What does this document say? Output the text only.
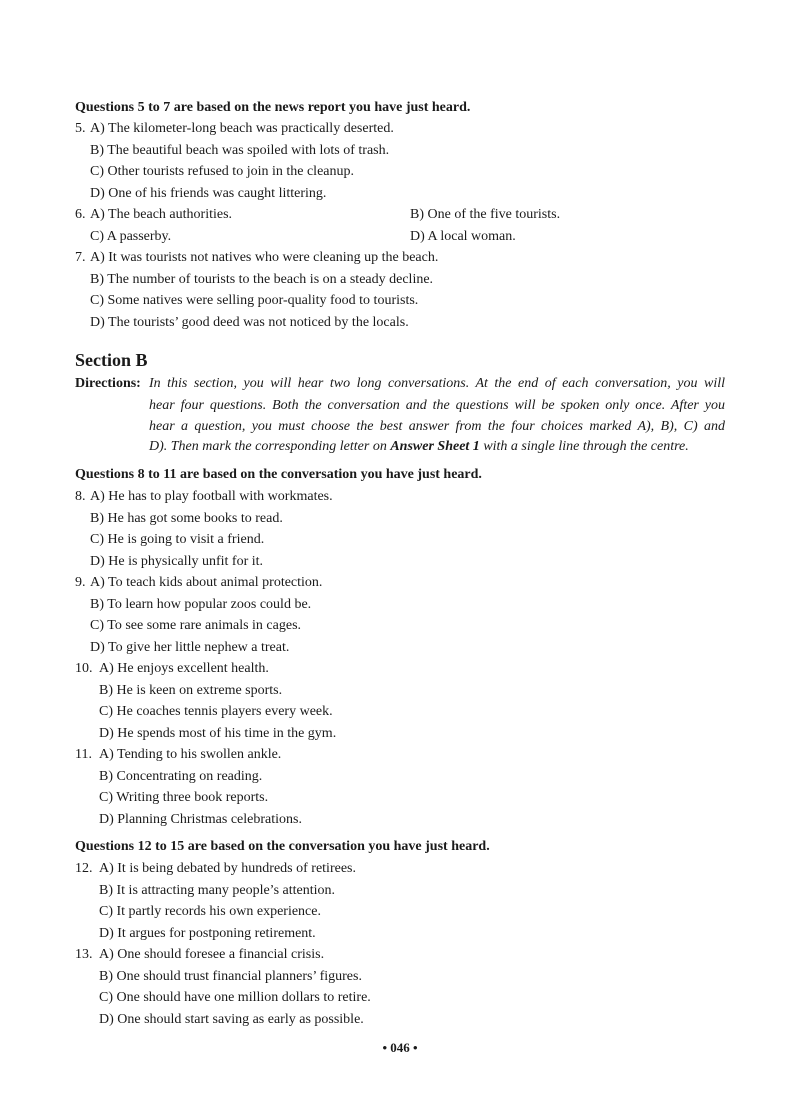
Questions 5 to 7 are based on the news report you have just heard.
5. A) The kilometer-long beach was practically deserted.
B) The beautiful beach was spoiled with lots of trash.
C) Other tourists refused to join in the cleanup.
D) One of his friends was caught littering.
6. A) The beach authorities.	B) One of the five tourists.
C) A passerby.	D) A local woman.
7. A) It was tourists not natives who were cleaning up the beach.
B) The number of tourists to the beach is on a steady decline.
C) Some natives were selling poor-quality food to tourists.
D) The tourists’ good deed was not noticed by the locals.
Section B
Directions: In this section, you will hear two long conversations. At the end of each conversation, you will
hear four questions. Both the conversation and the questions will be spoken only once. After you
hear a question, you must choose the best answer from the four choices marked A), B), C) and
D). Then mark the corresponding letter on Answer Sheet 1 with a single line through the centre.
Questions 8 to 11 are based on the conversation you have just heard.
8. A) He has to play football with workmates.
B) He has got some books to read.
C) He is going to visit a friend.
D) He is physically unfit for it.
9. A) To teach kids about animal protection.
B) To learn how popular zoos could be.
C) To see some rare animals in cages.
D) To give her little nephew a treat.
10. A) He enjoys excellent health.
B) He is keen on extreme sports.
C) He coaches tennis players every week.
D) He spends most of his time in the gym.
11. A) Tending to his swollen ankle.
B) Concentrating on reading.
C) Writing three book reports.
D) Planning Christmas celebrations.
Questions 12 to 15 are based on the conversation you have just heard.
12. A) It is being debated by hundreds of retirees.
B) It is attracting many people’s attention.
C) It partly records his own experience.
D) It argues for postponing retirement.
13. A) One should foresee a financial crisis.
B) One should trust financial planners’ figures.
C) One should have one million dollars to retire.
D) One should start saving as early as possible.
• 046 •
